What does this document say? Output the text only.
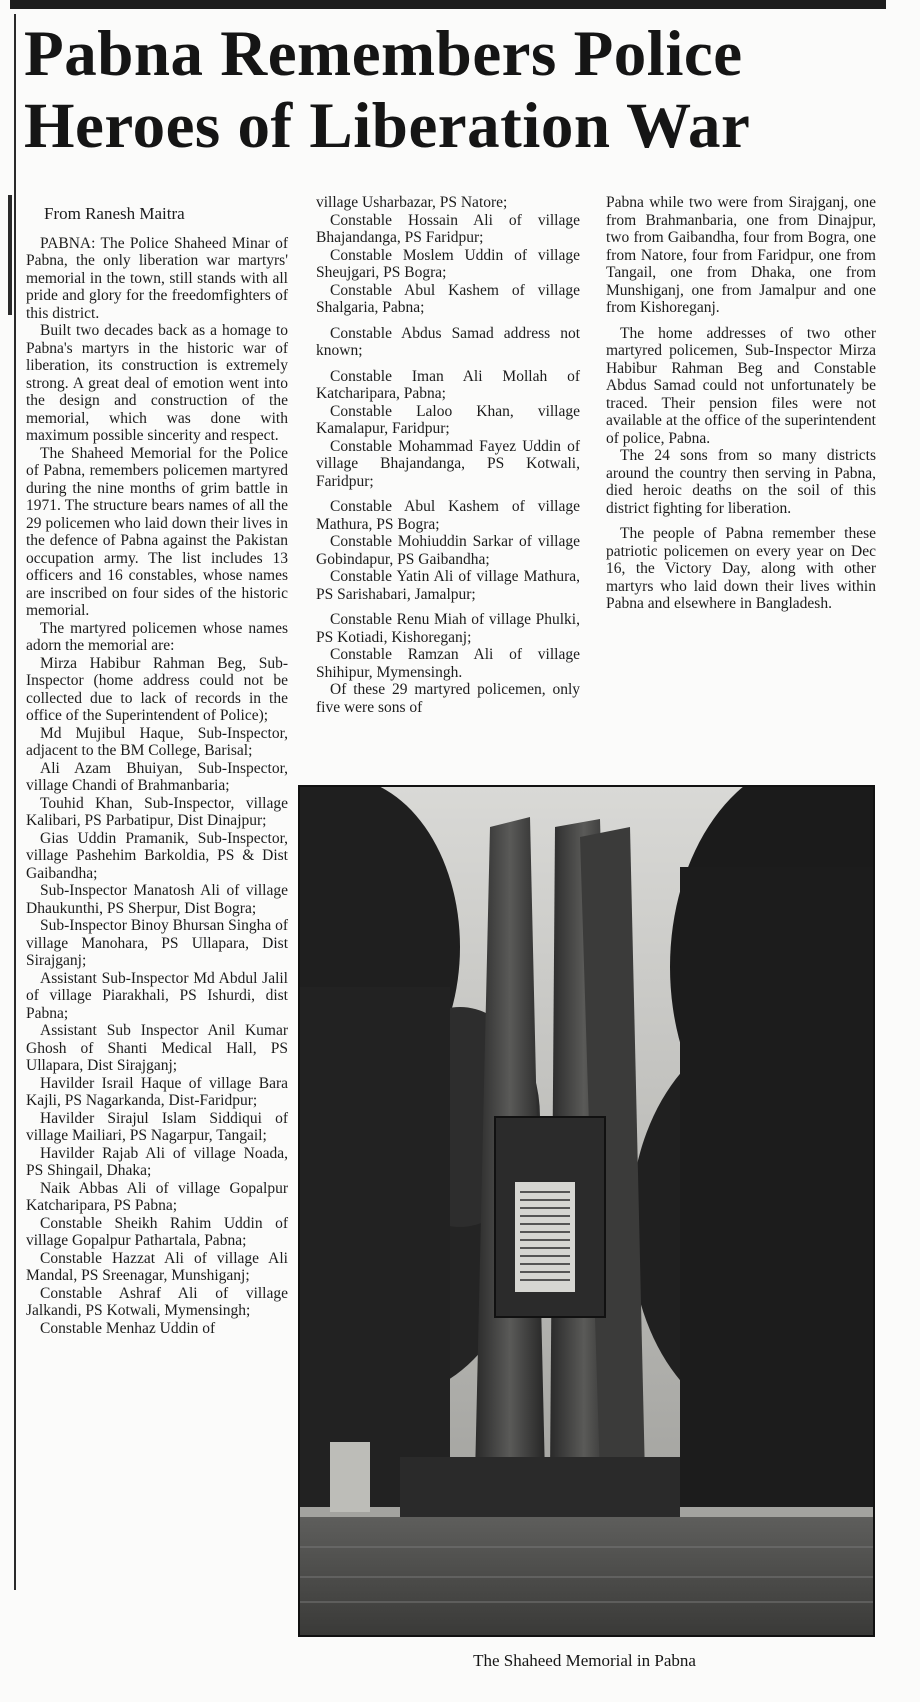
Pabna Remembers Police Heroes of Liberation War

From Ranesh Maitra

PABNA: The Police Shaheed Minar of Pabna, the only liberation war martyrs' memorial in the town, still stands with all pride and glory for the freedomfighters of this district.

Built two decades back as a homage to Pabna's martyrs in the historic war of liberation, its construction is extremely strong. A great deal of emotion went into the design and construction of the memorial, which was done with maximum possible sincerity and respect.

The Shaheed Memorial for the Police of Pabna, remembers policemen martyred during the nine months of grim battle in 1971. The structure bears names of all the 29 policemen who laid down their lives in the defence of Pabna against the Pakistan occupation army. The list includes 13 officers and 16 constables, whose names are inscribed on four sides of the historic memorial.

The martyred policemen whose names adorn the memorial are:

Mirza Habibur Rahman Beg, Sub-Inspector (home address could not be collected due to lack of records in the office of the Superintendent of Police);

Md Mujibul Haque, Sub-Inspector, adjacent to the BM College, Barisal;

Ali Azam Bhuiyan, Sub-Inspector, village Chandi of Brahmanbaria;

Touhid Khan, Sub-Inspector, village Kalibari, PS Parbatipur, Dist Dinajpur;

Gias Uddin Pramanik, Sub-Inspector, village Pashehim Barkoldia, PS & Dist Gaibandha;

Sub-Inspector Manatosh Ali of village Dhaukunthi, PS Sherpur, Dist Bogra;

Sub-Inspector Binoy Bhursan Singha of village Manohara, PS Ullapara, Dist Sirajganj;

Assistant Sub-Inspector Md Abdul Jalil of village Piarakhali, PS Ishurdi, dist Pabna;

Assistant Sub Inspector Anil Kumar Ghosh of Shanti Medical Hall, PS Ullapara, Dist Sirajganj;

Havilder Israil Haque of village Bara Kajli, PS Nagarkanda, Dist-Faridpur;

Havilder Sirajul Islam Siddiqui of village Mailiari, PS Nagarpur, Tangail;

Havilder Rajab Ali of village Noada, PS Shingail, Dhaka;

Naik Abbas Ali of village Gopalpur Katcharipara, PS Pabna;

Constable Sheikh Rahim Uddin of village Gopalpur Pathartala, Pabna;

Constable Hazzat Ali of village Ali Mandal, PS Sreenagar, Munshiganj;

Constable Ashraf Ali of village Jalkandi, PS Kotwali, Mymensingh;

Constable Menhaz Uddin of

village Usharbazar, PS Natore;

Constable Hossain Ali of village Bhajandanga, PS Faridpur;

Constable Moslem Uddin of village Sheujgari, PS Bogra;

Constable Abul Kashem of village Shalgaria, Pabna;

Constable Abdus Samad address not known;

Constable Iman Ali Mollah of Katcharipara, Pabna;

Constable Laloo Khan, village Kamalapur, Faridpur;

Constable Mohammad Fayez Uddin of village Bhajandanga, PS Kotwali, Faridpur;

Constable Abul Kashem of village Mathura, PS Bogra;

Constable Mohiuddin Sarkar of village Gobindapur, PS Gaibandha;

Constable Yatin Ali of village Mathura, PS Sarishabari, Jamalpur;

Constable Renu Miah of village Phulki, PS Kotiadi, Kishoreganj;

Constable Ramzan Ali of village Shihipur, Mymensingh.

Of these 29 martyred policemen, only five were sons of

Pabna while two were from Sirajganj, one from Brahmanbaria, one from Dinajpur, two from Gaibandha, four from Bogra, one from Natore, four from Faridpur, one from Tangail, one from Dhaka, one from Munshiganj, one from Jamalpur and one from Kishoreganj.

The home addresses of two other martyred policemen, Sub-Inspector Mirza Habibur Rahman Beg and Constable Abdus Samad could not unfortunately be traced. Their pension files were not available at the office of the superintendent of police, Pabna.

The 24 sons from so many districts around the country then serving in Pabna, died heroic deaths on the soil of this district fighting for liberation.

The people of Pabna remember these patriotic policemen on every year on Dec 16, the Victory Day, along with other martyrs who laid down their lives within Pabna and elsewhere in Bangladesh.

The Shaheed Memorial in Pabna
